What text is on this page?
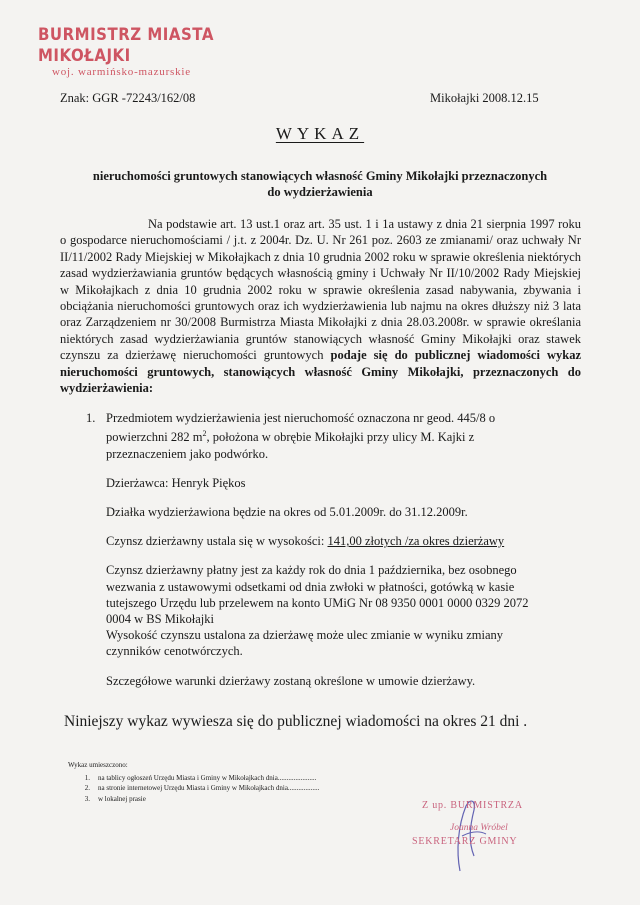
BURMISTRZ MIASTA MIKOŁAJKI
woj. warmińsko-mazurskie
Znak: GGR -72243/162/08	Mikołajki 2008.12.15
WYKAZ
nieruchomości gruntowych stanowiących własność Gminy Mikołajki przeznaczonych
do wydzierżawienia
Na podstawie art. 13 ust.1 oraz art. 35 ust. 1 i 1a ustawy z dnia 21 sierpnia 1997 roku o gospodarce nieruchomościami / j.t. z 2004r. Dz. U. Nr 261 poz. 2603 ze zmianami/ oraz uchwały Nr II/11/2002 Rady Miejskiej w Mikołajkach z dnia 10 grudnia 2002 roku w sprawie określenia niektórych zasad wydzierżawiania gruntów będących własnością gminy i Uchwały Nr II/10/2002 Rady Miejskiej w Mikołajkach z dnia 10 grudnia 2002 roku w sprawie określenia zasad nabywania, zbywania i obciążania nieruchomości gruntowych oraz ich wydzierżawienia lub najmu na okres dłuższy niż 3 lata oraz Zarządzeniem nr 30/2008 Burmistrza Miasta Mikołajki z dnia 28.03.2008r. w sprawie określania niektórych zasad wydzierżawiania gruntów stanowiących własność Gminy Mikołajki oraz stawek czynszu za dzierżawę nieruchomości gruntowych podaje się do publicznej wiadomości wykaz nieruchomości gruntowych, stanowiących własność Gminy Mikołajki, przeznaczonych do wydzierżawienia:
1. Przedmiotem wydzierżawienia jest nieruchomość oznaczona nr geod. 445/8 o powierzchni 282 $m^2$, położona w obrębie Mikołajki przy ulicy M. Kajki z przeznaczeniem jako podwórko.

Dzierżawca: Henryk Piękos

Działka wydzierżawiona będzie na okres od 5.01.2009r. do 31.12.2009r.

Czynsz dzierżawny ustala się w wysokości: 141,00 złotych /za okres dzierżawy

Czynsz dzierżawny płatny jest za każdy rok do dnia 1 października, bez osobnego wezwania z ustawowymi odsetkami od dnia zwłoki w płatności, gotówką w kasie tutejszego Urzędu lub przelewem na konto UMiG Nr 08 9350 0001 0000 0329 2072 0004 w BS Mikołajki

Wysokość czynszu ustalona za dzierżawę może ulec zmianie w wyniku zmiany czynników cenotwórczych.

Szczegółowe warunki dzierżawy zostaną określone w umowie dzierżawy.

Niniejszy wykaz wywiesza się do publicznej wiadomości na okres 21 dni .
Wykaz umieszczono:
1.	na tablicy ogłoszeń Urzędu Miasta i Gminy w Mikołajkach dnia......................
2.	na stronie internetowej Urzędu Miasta i Gminy w Mikołajkach dnia..................
3.	w lokalnej prasie
Z up. BURMISTRZA
Joanna Wróbel
SEKRETARZ GMINY
